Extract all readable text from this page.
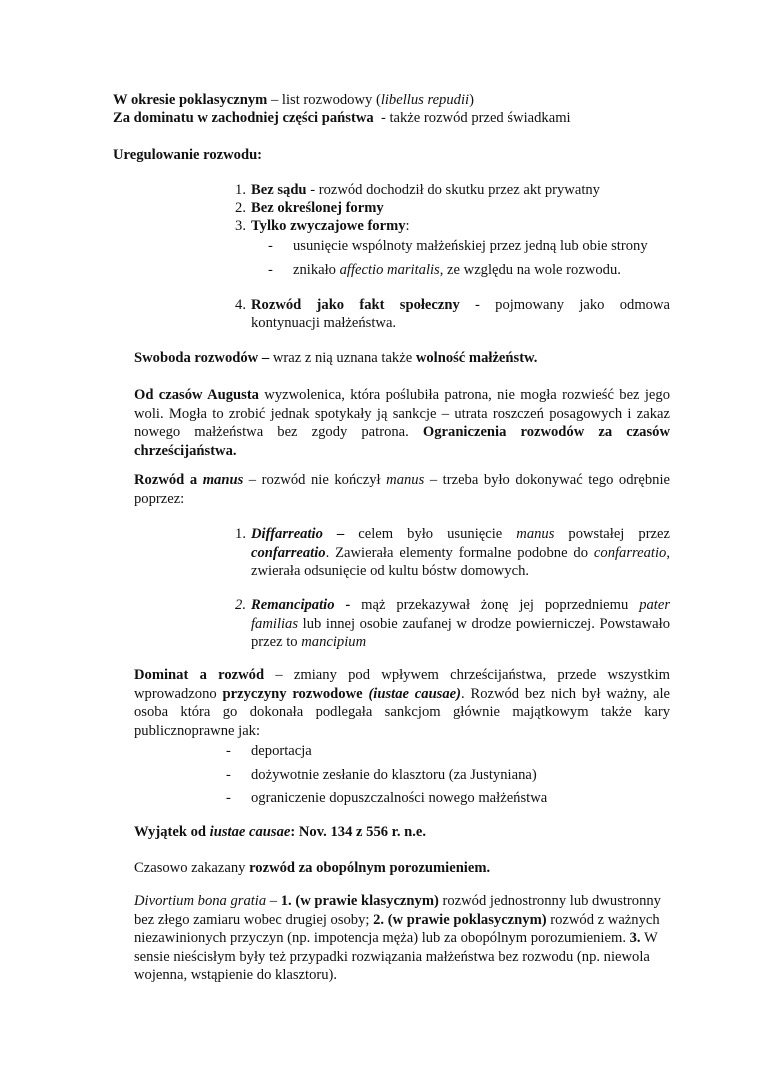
W okresie poklasycznym – list rozwodowy (libellus repudii)
Za dominatu w zachodniej części państwa  - także rozwód przed świadkami
Uregulowanie rozwodu:
1. Bez sądu - rozwód dochodził do skutku przez akt prywatny
2. Bez określonej formy
3. Tylko zwyczajowe formy:
- usunięcie wspólnoty małżeńskiej przez jedną lub obie strony
- znikało affectio maritalis, ze względu na wole rozwodu.
4. Rozwód jako fakt społeczny - pojmowany jako odmowa
kontynuacji małżeństwa.
Swoboda rozwodów – wraz z nią uznana także wolność małżeństw.
Od czasów Augusta wyzwolenica, która poślubiła patrona, nie mogła rozwieść bez jego woli. Mogła to zrobić jednak spotykały ją sankcje – utrata roszczeń posagowych i zakaz nowego małżeństwa bez zgody patrona. Ograniczenia rozwodów za czasów chrześcijaństwa.
Rozwód a manus – rozwód nie kończył manus – trzeba było dokonywać tego odrębnie poprzez:
1. Diffarreatio – celem było usunięcie manus powstałej przez confarreatio. Zawierała elementy formalne podobne do confarreatio, zwierała odsunięcie od kultu bóstw domowych.
2. Remancipatio - mąż przekazywał żonę jej poprzedniemu pater familias lub innej osobie zaufanej w drodze powierniczej. Powstawało przez to mancipium
Dominat a rozwód – zmiany pod wpływem chrześcijaństwa, przede wszystkim wprowadzono przyczyny rozwodowe (iustae causae). Rozwód bez nich był ważny, ale osoba która go dokonała podlegała sankcjom głównie majątkowym także kary publicznoprawne jak:
- deportacja
- dożywotnie zesłanie do klasztoru (za Justyniana)
- ograniczenie dopuszczalności nowego małżeństwa
Wyjątek od iustae causae: Nov. 134 z 556 r. n.e.
Czasowo zakazany rozwód za obopólnym porozumieniem.
Divortium bona gratia – 1. (w prawie klasycznym) rozwód jednostronny lub dwustronny bez złego zamiaru wobec drugiej osoby; 2. (w prawie poklasycznym) rozwód z ważnych niezawinionych przyczyn (np. impotencja męża) lub za obopólnym porozumieniem. 3. W sensie nieścisłym były też przypadki rozwiązania małżeństwa bez rozwodu (np. niewola wojenna, wstąpienie do klasztoru).
